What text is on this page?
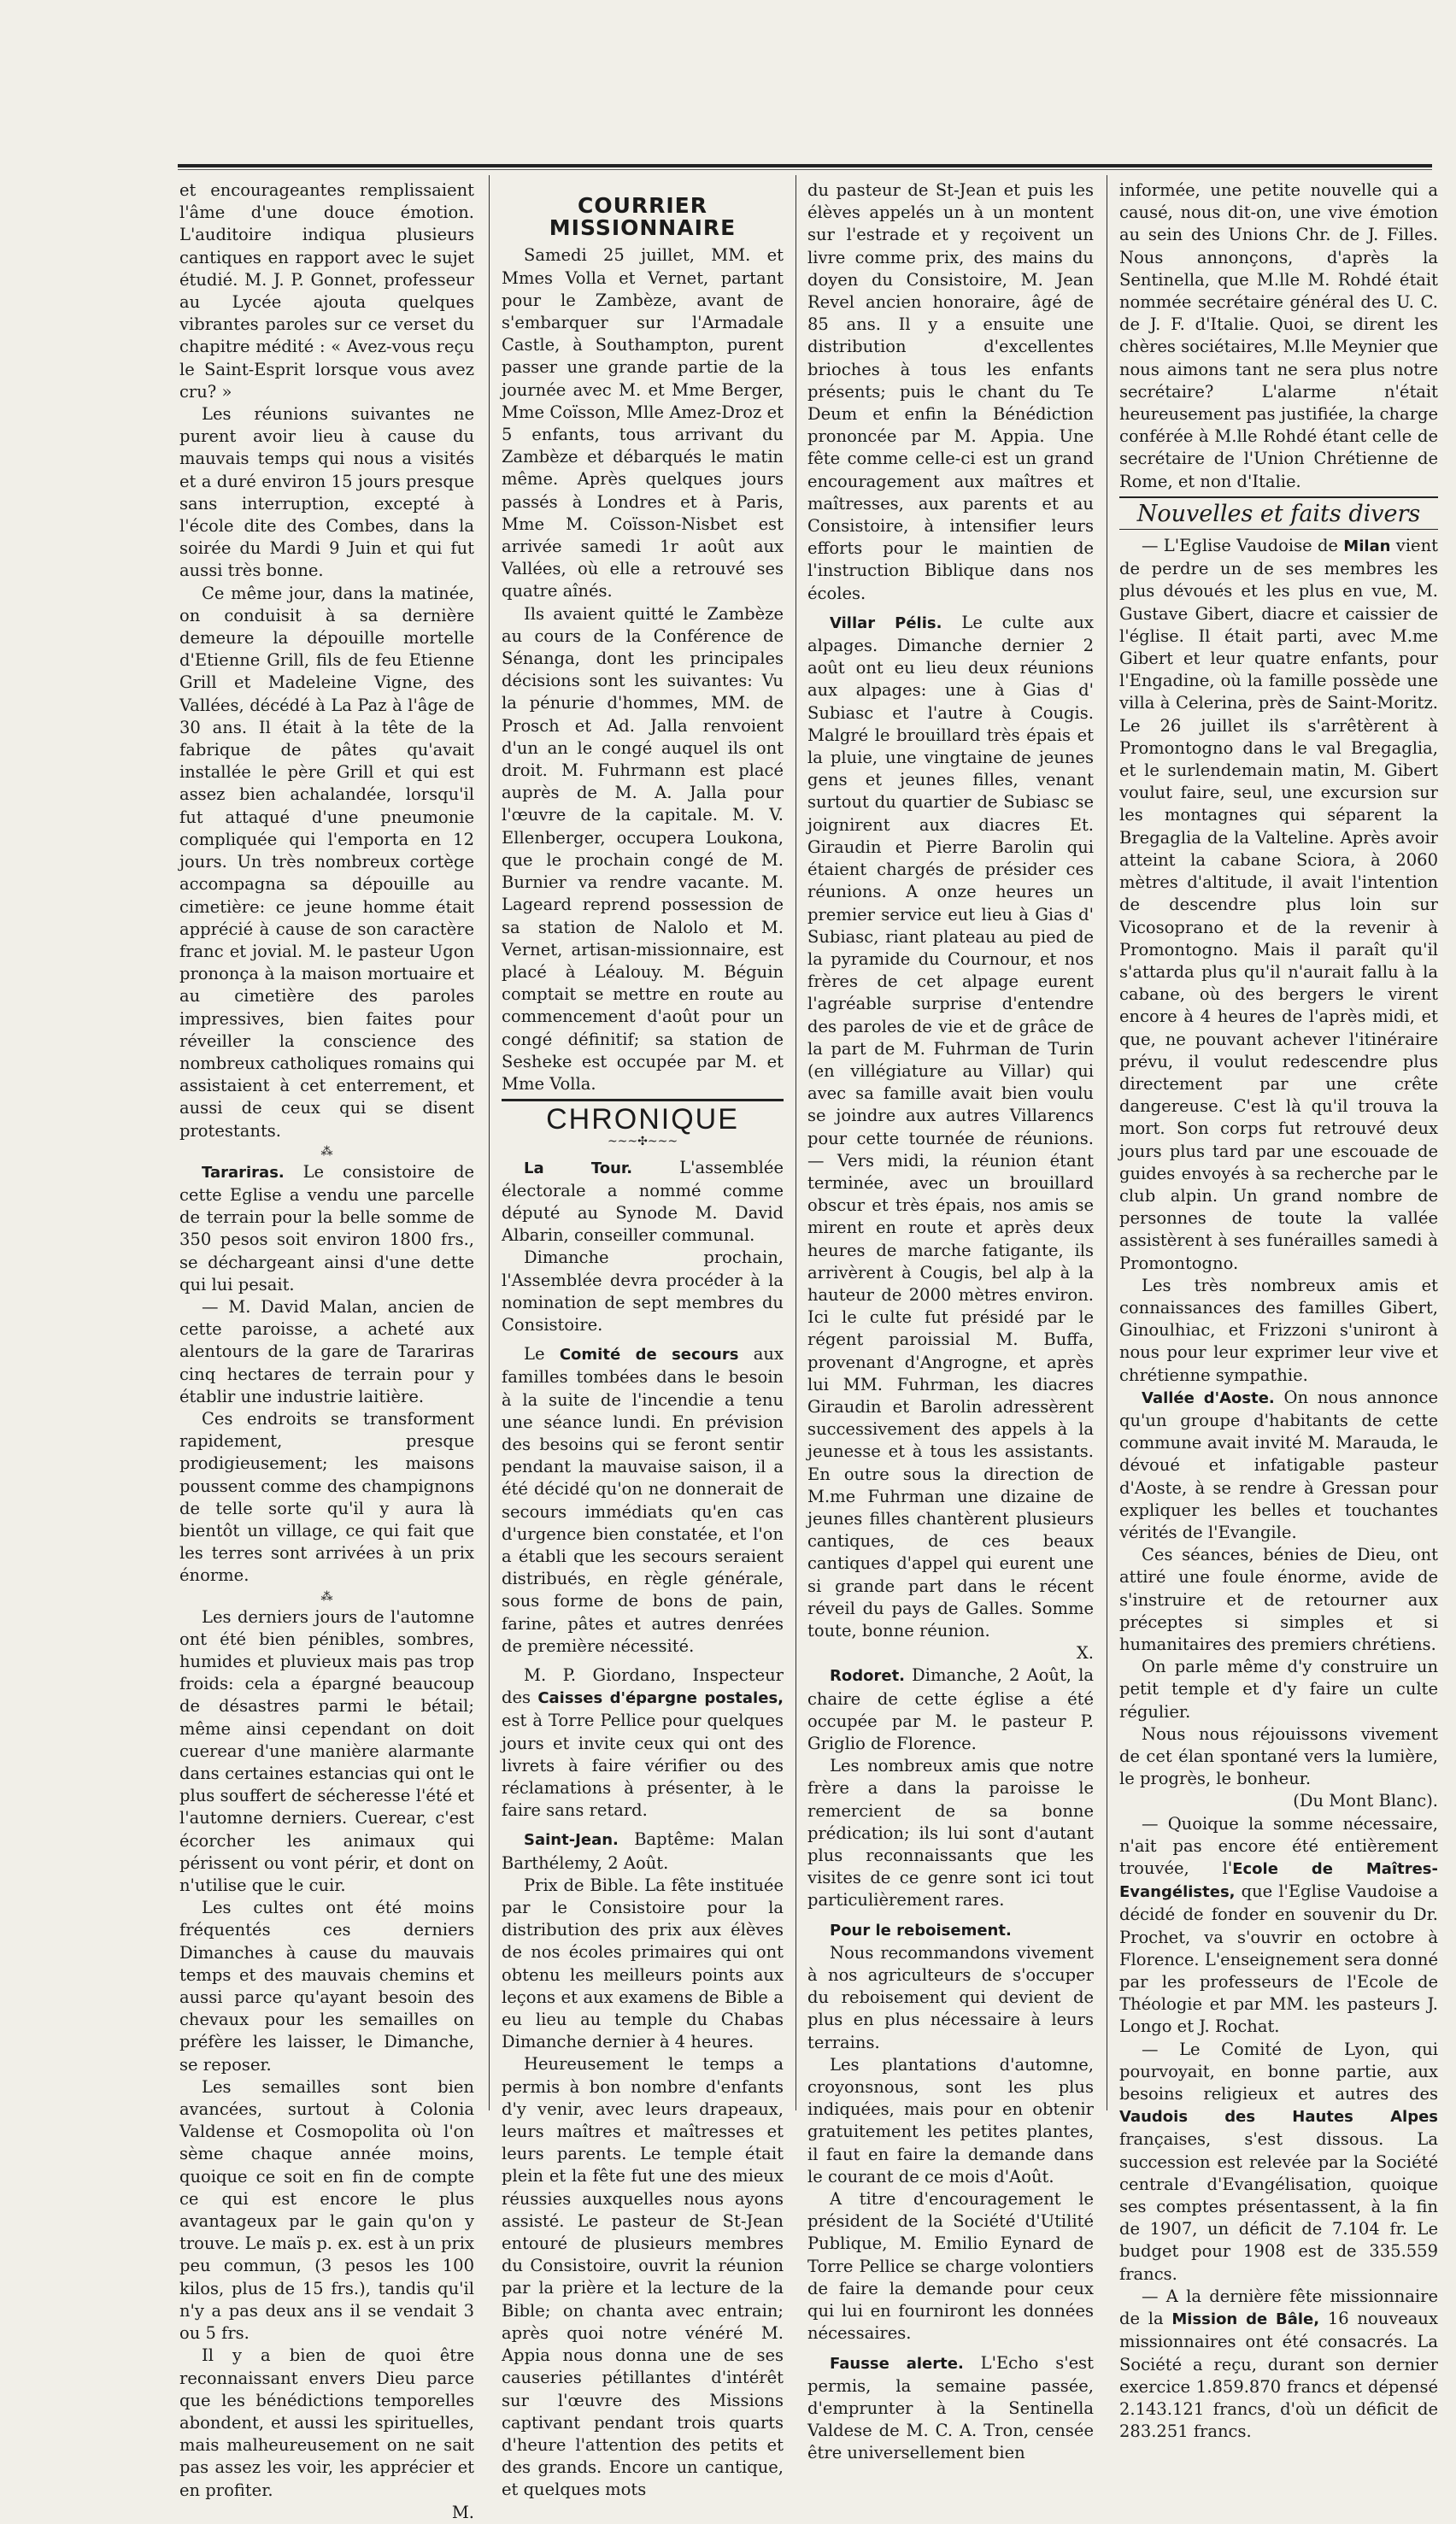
et encourageantes remplissaient l'âme d'une douce émotion. L'auditoire indiqua plusieurs cantiques en rapport avec le sujet étudié. M. J. P. Gonnet, professeur au Lycée ajouta quelques vibrantes paroles sur ce verset du chapitre médité : « Avez-vous reçu le Saint-Esprit lorsque vous avez cru? »

Les réunions suivantes ne purent avoir lieu à cause du mauvais temps qui nous a visités et a duré environ 15 jours presque sans interruption, excepté à l'école dite des Combes, dans la soirée du Mardi 9 Juin et qui fut aussi très bonne.

Ce même jour, dans la matinée, on conduisit à sa dernière demeure la dépouille mortelle d'Etienne Grill, fils de feu Etienne Grill et Madeleine Vigne, des Vallées, décédé à La Paz à l'âge de 30 ans. Il était à la tête de la fabrique de pâtes qu'avait installée le père Grill et qui est assez bien achalandée, lorsqu'il fut attaqué d'une pneumonie compliquée qui l'emporta en 12 jours. Un très nombreux cortège accompagna sa dépouille au cimetière: ce jeune homme était apprécié à cause de son caractère franc et jovial. M. le pasteur Ugon prononça à la maison mortuaire et au cimetière des paroles impressives, bien faites pour réveiller la conscience des nombreux catholiques romains qui assistaient à cet enterrement, et aussi de ceux qui se disent protestants.

⁂

Tarariras. Le consistoire de cette Eglise a vendu une parcelle de terrain pour la belle somme de 350 pesos soit environ 1800 frs., se déchargeant ainsi d'une dette qui lui pesait.

— M. David Malan, ancien de cette paroisse, a acheté aux alentours de la gare de Tarariras cinq hectares de terrain pour y établir une industrie laitière.

Ces endroits se transforment rapidement, presque prodigieusement; les maisons poussent comme des champignons de telle sorte qu'il y aura là bientôt un village, ce qui fait que les terres sont arrivées à un prix énorme.

⁂

Les derniers jours de l'automne ont été bien pénibles, sombres, humides et pluvieux mais pas trop froids: cela a épargné beaucoup de désastres parmi le bétail; même ainsi cependant on doit cuerear d'une manière alarmante dans certaines estancias qui ont le plus souffert de sécheresse l'été et l'automne derniers. Cuerear, c'est écorcher les animaux qui périssent ou vont périr, et dont on n'utilise que le cuir.

Les cultes ont été moins fréquentés ces derniers Dimanches à cause du mauvais temps et des mauvais chemins et aussi parce qu'ayant besoin des chevaux pour les semailles on préfère les laisser, le Dimanche, se reposer.

Les semailles sont bien avancées, surtout à Colonia Valdense et Cosmopolita où l'on sème chaque année moins, quoique ce soit en fin de compte ce qui est encore le plus avantageux par le gain qu'on y trouve. Le maïs p. ex. est à un prix peu commun, (3 pesos les 100 kilos, plus de 15 frs.), tandis qu'il n'y a pas deux ans il se vendait 3 ou 5 frs.

Il y a bien de quoi être reconnaissant envers Dieu parce que les bénédictions temporelles abondent, et aussi les spirituelles, mais malheureusement on ne sait pas assez les voir, les apprécier et en profiter.

M.

COURRIER MISSIONNAIRE

Samedi 25 juillet, MM. et Mmes Volla et Vernet, partant pour le Zambèze, avant de s'embarquer sur l'Armadale Castle, à Southampton, purent passer une grande partie de la journée avec M. et Mme Berger, Mme Coïsson, Mlle Amez-Droz et 5 enfants, tous arrivant du Zambèze et débarqués le matin même. Après quelques jours passés à Londres et à Paris, Mme M. Coïsson-Nisbet est arrivée samedi 1r août aux Vallées, où elle a retrouvé ses quatre aînés.

Ils avaient quitté le Zambèze au cours de la Conférence de Sénanga, dont les principales décisions sont les suivantes: Vu la pénurie d'hommes, MM. de Prosch et Ad. Jalla renvoient d'un an le congé auquel ils ont droit. M. Fuhrmann est placé auprès de M. A. Jalla pour l'œuvre de la capitale. M. V. Ellenberger, occupera Loukona, que le prochain congé de M. Burnier va rendre vacante. M. Lageard reprend possession de sa station de Nalolo et M. Vernet, artisan-missionnaire, est placé à Léalouy. M. Béguin comptait se mettre en route au commencement d'août pour un congé définitif; sa station de Sesheke est occupée par M. et Mme Volla.

CHRONIQUE
~~~✣~~~

La Tour. L'assemblée électorale a nommé comme député au Synode M. David Albarin, conseiller communal.

Dimanche prochain, l'Assemblée devra procéder à la nomination de sept membres du Consistoire.

Le Comité de secours aux familles tombées dans le besoin à la suite de l'incendie a tenu une séance lundi. En prévision des besoins qui se feront sentir pendant la mauvaise saison, il a été décidé qu'on ne donnerait de secours immédiats qu'en cas d'urgence bien constatée, et l'on a établi que les secours seraient distribués, en règle générale, sous forme de bons de pain, farine, pâtes et autres denrées de première nécessité.

M. P. Giordano, Inspecteur des Caisses d'épargne postales, est à Torre Pellice pour quelques jours et invite ceux qui ont des livrets à faire vérifier ou des réclamations à présenter, à le faire sans retard.

Saint-Jean. Baptême: Malan Barthélemy, 2 Août.

Prix de Bible. La fête instituée par le Consistoire pour la distribution des prix aux élèves de nos écoles primaires qui ont obtenu les meilleurs points aux leçons et aux examens de Bible a eu lieu au temple du Chabas Dimanche dernier à 4 heures.

Heureusement le temps a permis à bon nombre d'enfants d'y venir, avec leurs drapeaux, leurs maîtres et maîtresses et leurs parents. Le temple était plein et la fête fut une des mieux réussies auxquelles nous ayons assisté. Le pasteur de St-Jean entouré de plusieurs membres du Consistoire, ouvrit la réunion par la prière et la lecture de la Bible; on chanta avec entrain; après quoi notre vénéré M. Appia nous donna une de ses causeries pétillantes d'intérêt sur l'œuvre des Missions captivant pendant trois quarts d'heure l'attention des petits et des grands. Encore un cantique, et quelques mots

du pasteur de St-Jean et puis les élèves appelés un à un montent sur l'estrade et y reçoivent un livre comme prix, des mains du doyen du Consistoire, M. Jean Revel ancien honoraire, âgé de 85 ans. Il y a ensuite une distribution d'excellentes brioches à tous les enfants présents; puis le chant du Te Deum et enfin la Bénédiction prononcée par M. Appia. Une fête comme celle-ci est un grand encouragement aux maîtres et maîtresses, aux parents et au Consistoire, à intensifier leurs efforts pour le maintien de l'instruction Biblique dans nos écoles.

Villar Pélis. Le culte aux alpages. Dimanche dernier 2 août ont eu lieu deux réunions aux alpages: une à Gias d' Subiasc et l'autre à Cougis. Malgré le brouillard très épais et la pluie, une vingtaine de jeunes gens et jeunes filles, venant surtout du quartier de Subiasc se joignirent aux diacres Et. Giraudin et Pierre Barolin qui étaient chargés de présider ces réunions. A onze heures un premier service eut lieu à Gias d' Subiasc, riant plateau au pied de la pyramide du Cournour, et nos frères de cet alpage eurent l'agréable surprise d'entendre des paroles de vie et de grâce de la part de M. Fuhrman de Turin (en villégiature au Villar) qui avec sa famille avait bien voulu se joindre aux autres Villarencs pour cette tournée de réunions. — Vers midi, la réunion étant terminée, avec un brouillard obscur et très épais, nos amis se mirent en route et après deux heures de marche fatigante, ils arrivèrent à Cougis, bel alp à la hauteur de 2000 mètres environ. Ici le culte fut présidé par le régent paroissial M. Buffa, provenant d'Angrogne, et après lui MM. Fuhrman, les diacres Giraudin et Barolin adressèrent successivement des appels à la jeunesse et à tous les assistants. En outre sous la direction de M.me Fuhrman une dizaine de jeunes filles chantèrent plusieurs cantiques, de ces beaux cantiques d'appel qui eurent une si grande part dans le récent réveil du pays de Galles. Somme toute, bonne réunion.

X.

Rodoret. Dimanche, 2 Août, la chaire de cette église a été occupée par M. le pasteur P. Griglio de Florence.

Les nombreux amis que notre frère a dans la paroisse le remercient de sa bonne prédication; ils lui sont d'autant plus reconnaissants que les visites de ce genre sont ici tout particulièrement rares.

Pour le reboisement.

Nous recommandons vivement à nos agriculteurs de s'occuper du reboisement qui devient de plus en plus nécessaire à leurs terrains.

Les plantations d'automne, croyonsnous, sont les plus indiquées, mais pour en obtenir gratuitement les petites plantes, il faut en faire la demande dans le courant de ce mois d'Août.

A titre d'encouragement le président de la Société d'Utilité Publique, M. Emilio Eynard de Torre Pellice se charge volontiers de faire la demande pour ceux qui lui en fourniront les données nécessaires.

Fausse alerte. L'Echo s'est permis, la semaine passée, d'emprunter à la Sentinella Valdese de M. C. A. Tron, censée être universellement bien

informée, une petite nouvelle qui a causé, nous dit-on, une vive émotion au sein des Unions Chr. de J. Filles. Nous annonçons, d'après la Sentinella, que M.lle M. Rohdé était nommée secrétaire général des U. C. de J. F. d'Italie. Quoi, se dirent les chères sociétaires, M.lle Meynier que nous aimons tant ne sera plus notre secrétaire? L'alarme n'était heureusement pas justifiée, la charge conférée à M.lle Rohdé étant celle de secrétaire de l'Union Chrétienne de Rome, et non d'Italie.

Nouvelles et faits divers

— L'Eglise Vaudoise de Milan vient de perdre un de ses membres les plus dévoués et les plus en vue, M. Gustave Gibert, diacre et caissier de l'église. Il était parti, avec M.me Gibert et leur quatre enfants, pour l'Engadine, où la famille possède une villa à Celerina, près de Saint-Moritz. Le 26 juillet ils s'arrêtèrent à Promontogno dans le val Bregaglia, et le surlendemain matin, M. Gibert voulut faire, seul, une excursion sur les montagnes qui séparent la Bregaglia de la Valteline. Après avoir atteint la cabane Sciora, à 2060 mètres d'altitude, il avait l'intention de descendre plus loin sur Vicosoprano et de la revenir à Promontogno. Mais il paraît qu'il s'attarda plus qu'il n'aurait fallu à la cabane, où des bergers le virent encore à 4 heures de l'après midi, et que, ne pouvant achever l'itinéraire prévu, il voulut redescendre plus directement par une crête dangereuse. C'est là qu'il trouva la mort. Son corps fut retrouvé deux jours plus tard par une escouade de guides envoyés à sa recherche par le club alpin. Un grand nombre de personnes de toute la vallée assistèrent à ses funérailles samedi à Promontogno.

Les très nombreux amis et connaissances des familles Gibert, Ginoulhiac, et Frizzoni s'uniront à nous pour leur exprimer leur vive et chrétienne sympathie.

Vallée d'Aoste. On nous annonce qu'un groupe d'habitants de cette commune avait invité M. Marauda, le dévoué et infatigable pasteur d'Aoste, à se rendre à Gressan pour expliquer les belles et touchantes vérités de l'Evangile.

Ces séances, bénies de Dieu, ont attiré une foule énorme, avide de s'instruire et de retourner aux préceptes si simples et si humanitaires des premiers chrétiens.

On parle même d'y construire un petit temple et d'y faire un culte régulier.

Nous nous réjouissons vivement de cet élan spontané vers la lumière, le progrès, le bonheur.

(Du Mont Blanc).

— Quoique la somme nécessaire, n'ait pas encore été entièrement trouvée, l'Ecole de Maîtres-Evangélistes, que l'Eglise Vaudoise a décidé de fonder en souvenir du Dr. Prochet, va s'ouvrir en octobre à Florence. L'enseignement sera donné par les professeurs de l'Ecole de Théologie et par MM. les pasteurs J. Longo et J. Rochat.

— Le Comité de Lyon, qui pourvoyait, en bonne partie, aux besoins religieux et autres des Vaudois des Hautes Alpes françaises, s'est dissous. La succession est relevée par la Société centrale d'Evangélisation, quoique ses comptes présentassent, à la fin de 1907, un déficit de 7.104 fr. Le budget pour 1908 est de 335.559 francs.

— A la dernière fête missionnaire de la Mission de Bâle, 16 nouveaux missionnaires ont été consacrés. La Société a reçu, durant son dernier exercice 1.859.870 francs et dépensé 2.143.121 francs, d'où un déficit de 283.251 francs.
